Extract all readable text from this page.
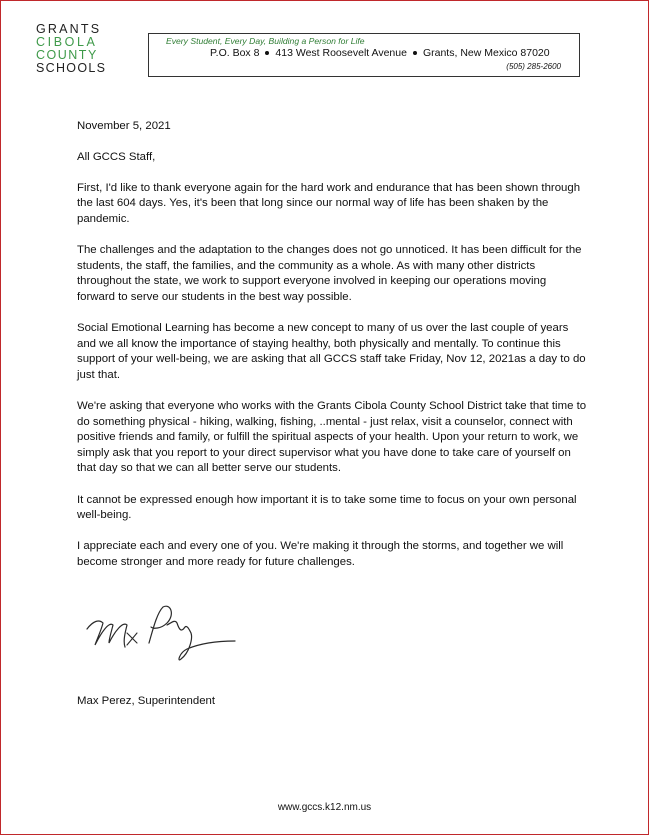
GRANTS
CIBOLA
COUNTY
SCHOOLS
Every Student, Every Day, Building a Person for Life
P.O. Box 8 413 West Roosevelt Avenue Grants, New Mexico 87020
(505) 285-2600

November 5, 2021

All GCCS Staff,

First, I'd like to thank everyone again for the hard work and endurance that has been shown through the last 604 days. Yes, it's been that long since our normal way of life has been shaken by the pandemic.

The challenges and the adaptation to the changes does not go unnoticed. It has been difficult for the students, the staff, the families, and the community as a whole. As with many other districts throughout the state, we work to support everyone involved in keeping our operations moving forward to serve our students in the best way possible.

Social Emotional Learning has become a new concept to many of us over the last couple of years and we all know the importance of staying healthy, both physically and mentally. To continue this support of your well-being, we are asking that all GCCS staff take Friday, Nov 12, 2021as a day to do just that.

We're asking that everyone who works with the Grants Cibola County School District take that time to do something physical - hiking, walking, fishing, ..mental - just relax, visit a counselor, connect with positive friends and family, or fulfill the spiritual aspects of your health. Upon your return to work, we simply ask that you report to your direct supervisor what you have done to take care of yourself on that day so that we can all better serve our students.

It cannot be expressed enough how important it is to take some time to focus on your own personal well-being.

I appreciate each and every one of you. We're making it through the storms, and together we will become stronger and more ready for future challenges.

Max Perez, Superintendent
www.gccs.k12.nm.us
